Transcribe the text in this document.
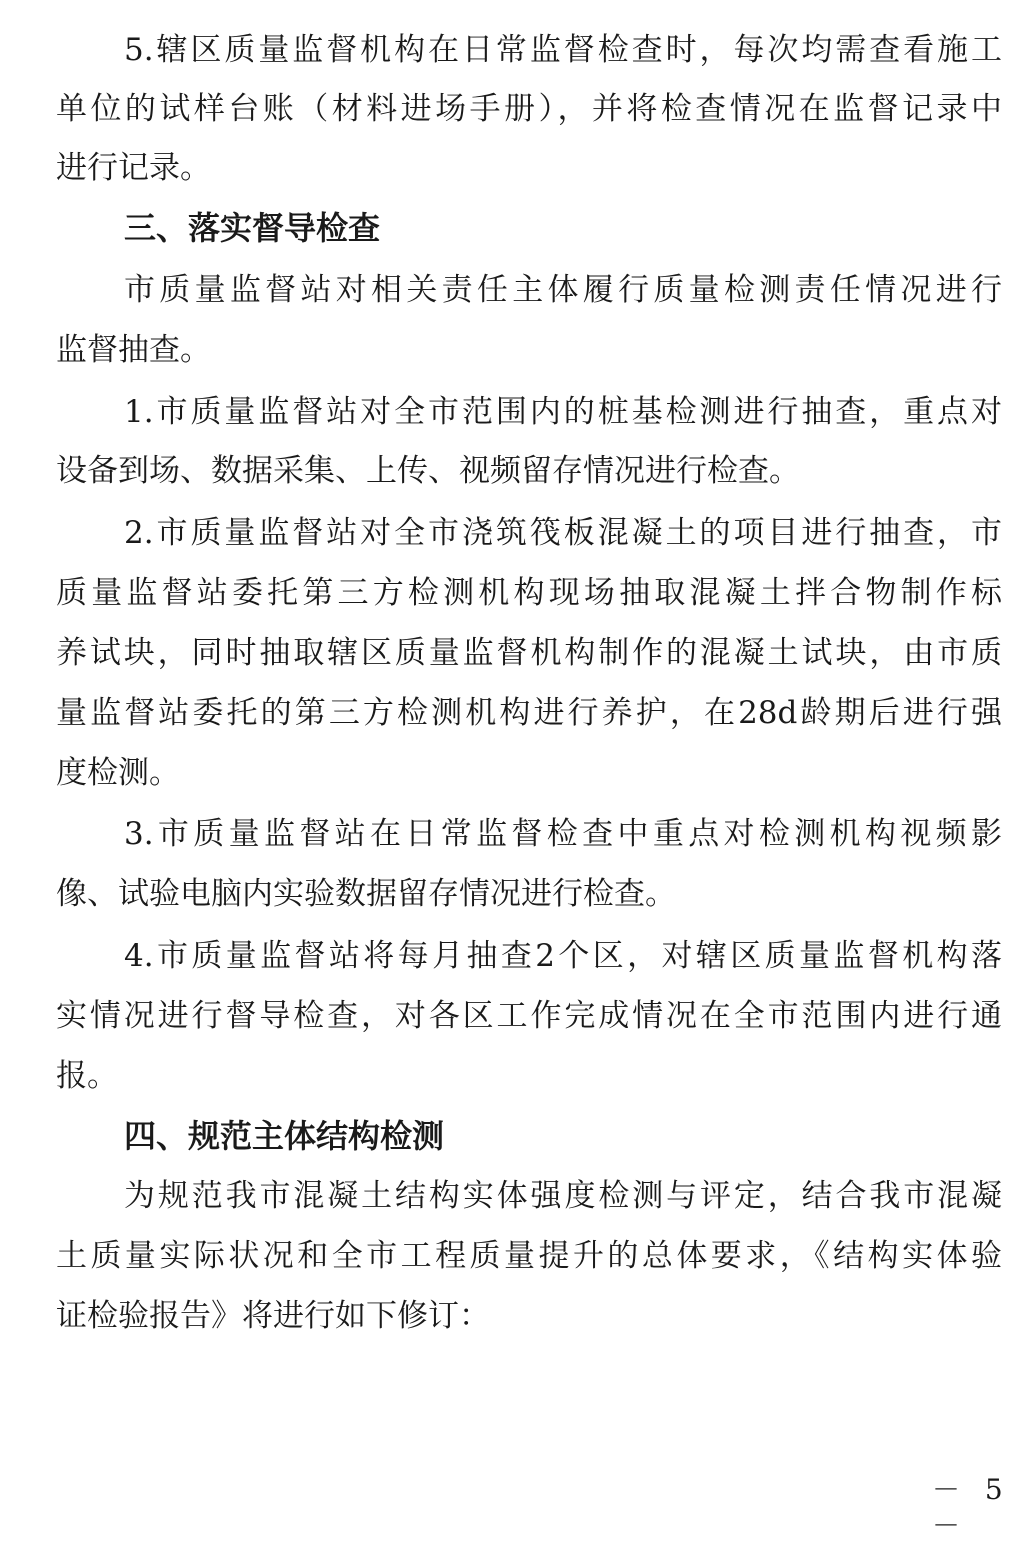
5.辖区质量监督机构在日常监督检查时，每次均需查看施工
单位的试样台账（材料进场手册），并将检查情况在监督记录中
进行记录。
三、落实督导检查
市质量监督站对相关责任主体履行质量检测责任情况进行
监督抽查。
1.市质量监督站对全市范围内的桩基检测进行抽查，重点对
设备到场、数据采集、上传、视频留存情况进行检查。
2.市质量监督站对全市浇筑筏板混凝土的项目进行抽查，市
质量监督站委托第三方检测机构现场抽取混凝土拌合物制作标
养试块，同时抽取辖区质量监督机构制作的混凝土试块，由市质
量监督站委托的第三方检测机构进行养护，在28d龄期后进行强
度检测。
3.市质量监督站在日常监督检查中重点对检测机构视频影
像、试验电脑内实验数据留存情况进行检查。
4.市质量监督站将每月抽查2个区，对辖区质量监督机构落
实情况进行督导检查，对各区工作完成情况在全市范围内进行通
报。
四、规范主体结构检测
为规范我市混凝土结构实体强度检测与评定，结合我市混凝
土质量实际状况和全市工程质量提升的总体要求，《结构实体验
证检验报告》将进行如下修订：
－ 5 －
